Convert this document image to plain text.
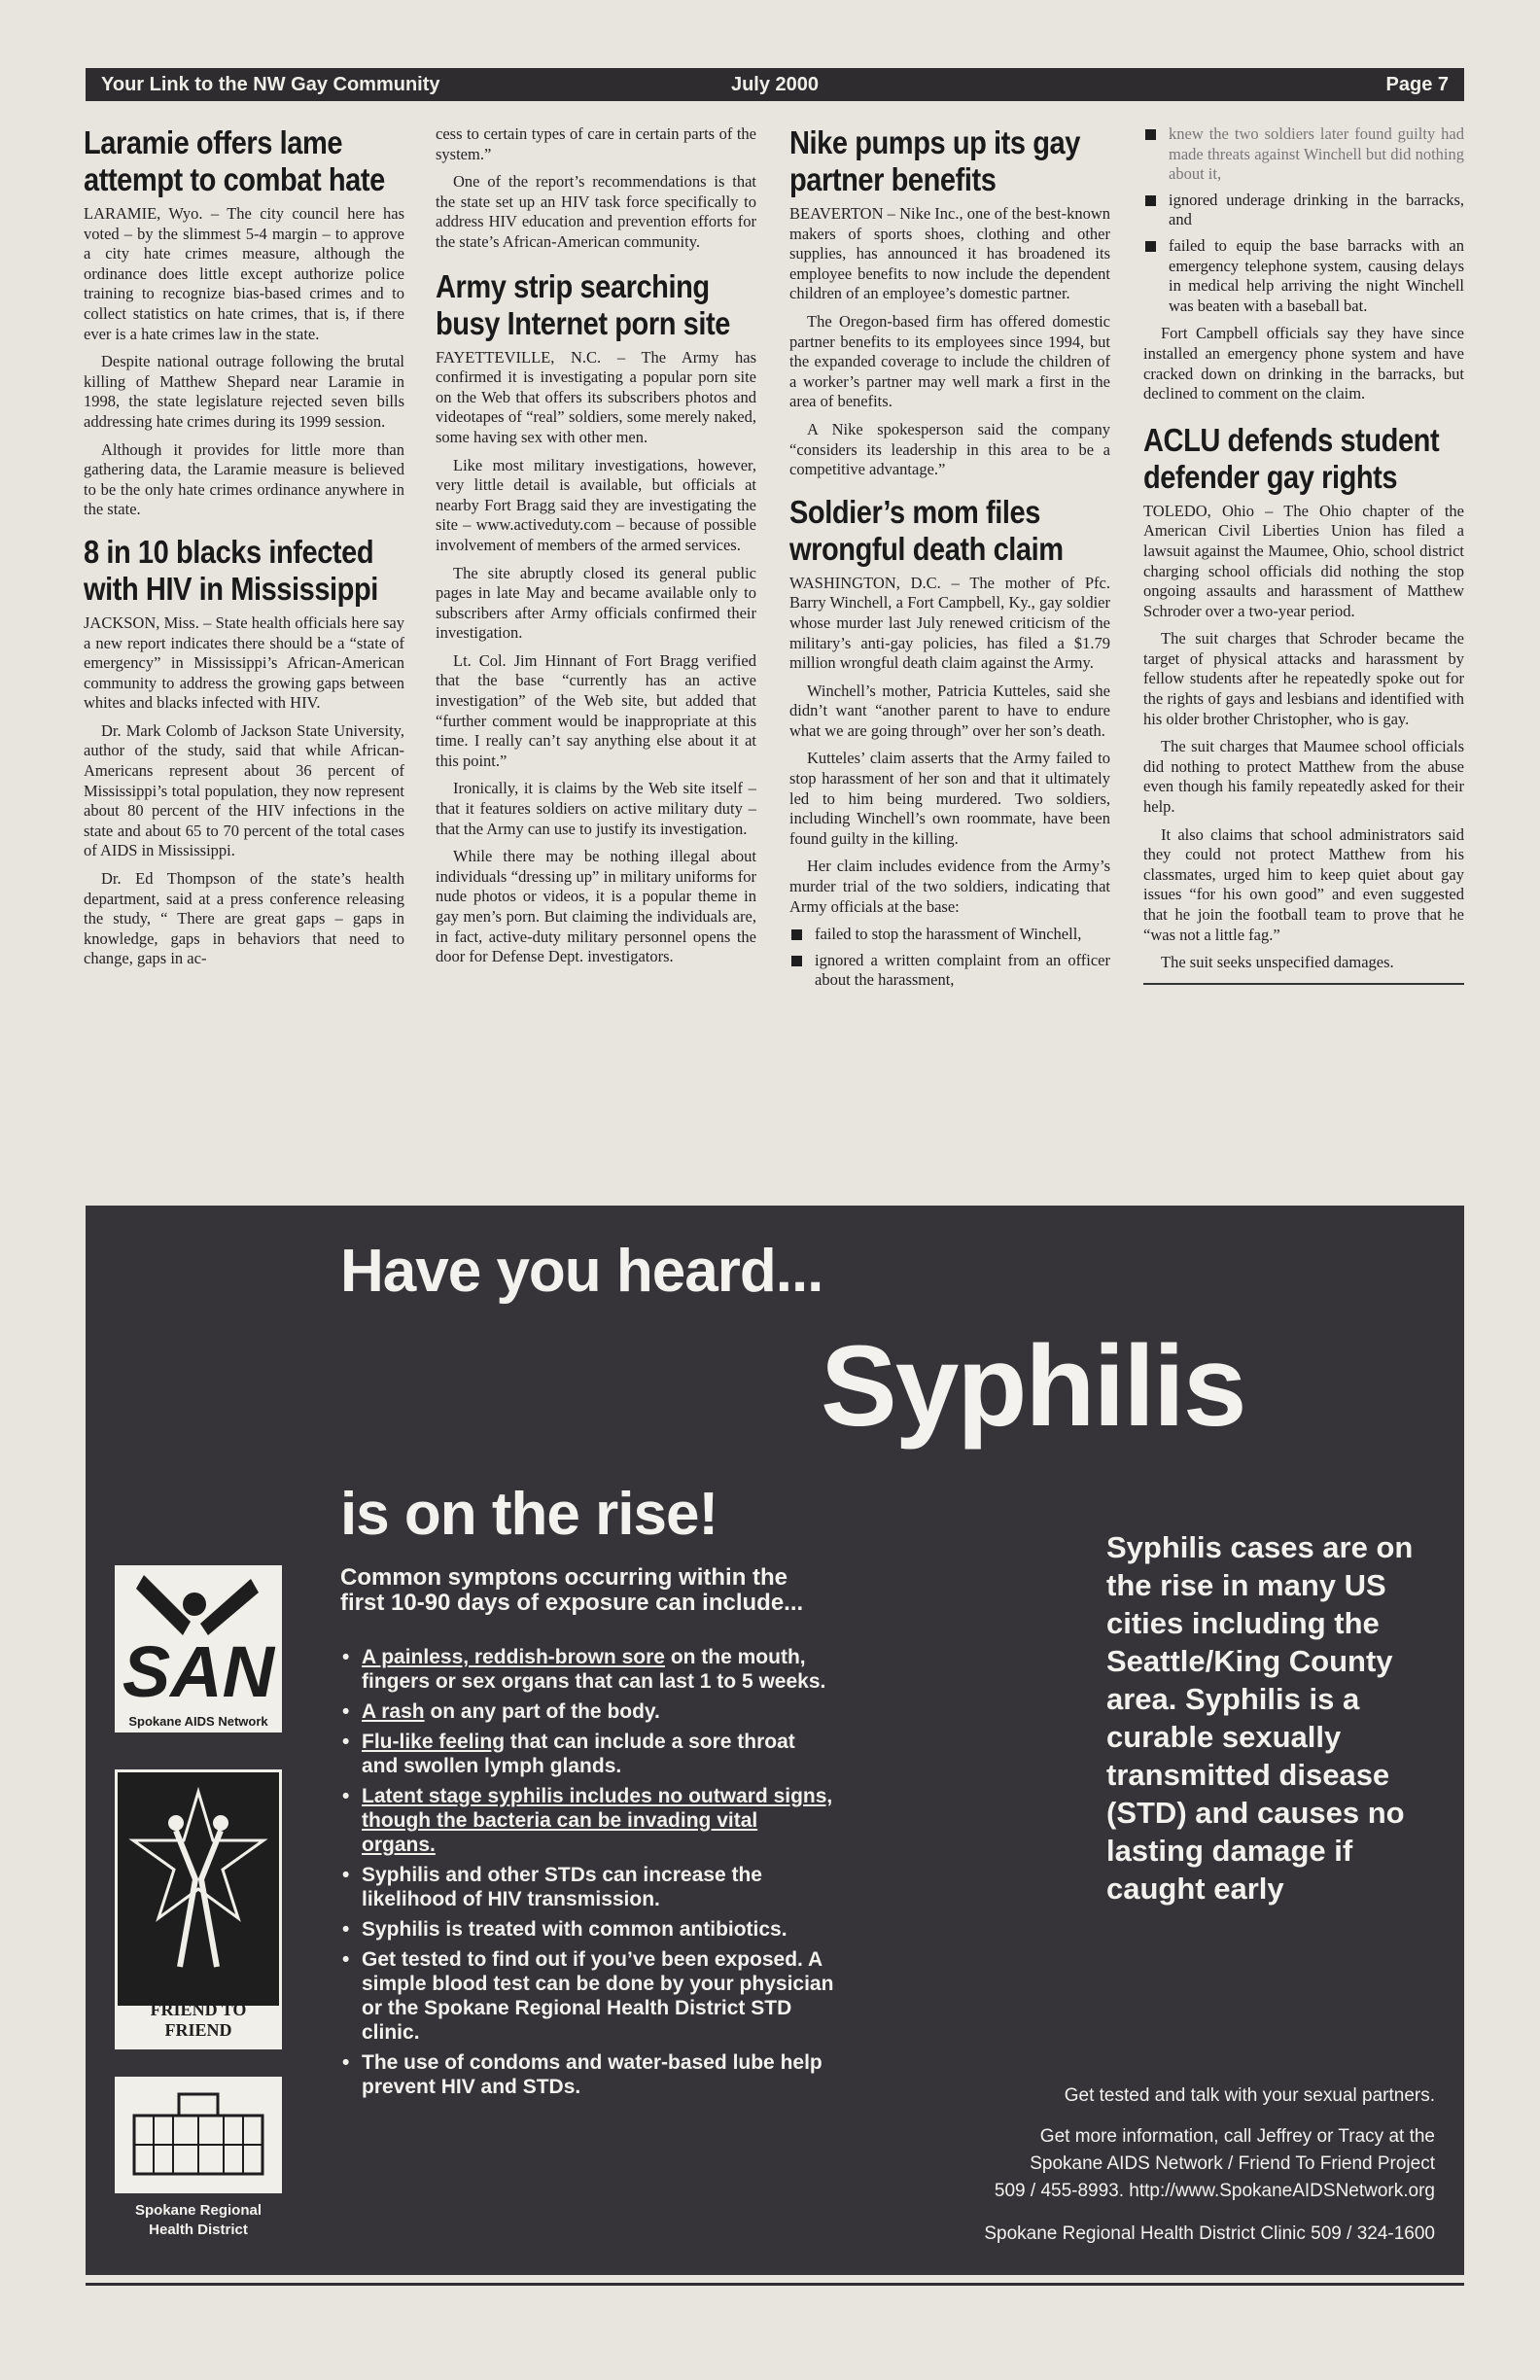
Your Link to the NW Gay Community	July 2000	Page 7
Laramie offers lame attempt to combat hate

LARAMIE, Wyo. – The city council here has voted – by the slimmest 5-4 margin – to approve a city hate crimes measure, although the ordinance does little except authorize police training to recognize bias-based crimes and to collect statistics on hate crimes, that is, if there ever is a hate crimes law in the state.

Despite national outrage following the brutal killing of Matthew Shepard near Laramie in 1998, the state legislature rejected seven bills addressing hate crimes during its 1999 session.

Although it provides for little more than gathering data, the Laramie measure is believed to be the only hate crimes ordinance anywhere in the state.

8 in 10 blacks infected with HIV in Mississippi

JACKSON, Miss. – State health officials here say a new report indicates there should be a “state of emergency” in Mississippi’s African-American community to address the growing gaps between whites and blacks infected with HIV.

Dr. Mark Colomb of Jackson State University, author of the study, said that while African-Americans represent about 36 percent of Mississippi’s total population, they now represent about 80 percent of the HIV infections in the state and about 65 to 70 percent of the total cases of AIDS in Mississippi.

Dr. Ed Thompson of the state’s health department, said at a press conference releasing the study, “ There are great gaps – gaps in knowledge, gaps in behaviors that need to change, gaps in ac-

cess to certain types of care in certain parts of the system.”

One of the report’s recommendations is that the state set up an HIV task force specifically to address HIV education and prevention efforts for the state’s African-American community.

Army strip searching busy Internet porn site

FAYETTEVILLE, N.C. – The Army has confirmed it is investigating a popular porn site on the Web that offers its subscribers photos and videotapes of “real” soldiers, some merely naked, some having sex with other men.

Like most military investigations, however, very little detail is available, but officials at nearby Fort Bragg said they are investigating the site – www.activeduty.com – because of possible involvement of members of the armed services.

The site abruptly closed its general public pages in late May and became available only to subscribers after Army officials confirmed their investigation.

Lt. Col. Jim Hinnant of Fort Bragg verified that the base “currently has an active investigation” of the Web site, but added that “further comment would be inappropriate at this time. I really can’t say anything else about it at this point.”

Ironically, it is claims by the Web site itself – that it features soldiers on active military duty – that the Army can use to justify its investigation.

While there may be nothing illegal about individuals “dressing up” in military uniforms for nude photos or videos, it is a popular theme in gay men’s porn. But claiming the individuals are, in fact, active-duty military personnel opens the door for Defense Dept. investigators.

Nike pumps up its gay partner benefits

BEAVERTON – Nike Inc., one of the best-known makers of sports shoes, clothing and other supplies, has announced it has broadened its employee benefits to now include the dependent children of an employee’s domestic partner.

The Oregon-based firm has offered domestic partner benefits to its employees since 1994, but the expanded coverage to include the children of a worker’s partner may well mark a first in the area of benefits.

A Nike spokesperson said the company “considers its leadership in this area to be a competitive advantage.”

Soldier’s mom files wrongful death claim

WASHINGTON, D.C. – The mother of Pfc. Barry Winchell, a Fort Campbell, Ky., gay soldier whose murder last July renewed criticism of the military’s anti-gay policies, has filed a $1.79 million wrongful death claim against the Army.

Winchell’s mother, Patricia Kutteles, said she didn’t want “another parent to have to endure what we are going through” over her son’s death.

Kutteles’ claim asserts that the Army failed to stop harassment of her son and that it ultimately led to him being murdered. Two soldiers, including Winchell’s own roommate, have been found guilty in the killing.

Her claim includes evidence from the Army’s murder trial of the two soldiers, indicating that Army officials at the base:

failed to stop the harassment of Winchell,
ignored a written complaint from an officer about the harassment,
knew the two soldiers later found guilty had made threats against Winchell but did nothing about it,
ignored underage drinking in the barracks, and
failed to equip the base barracks with an emergency telephone system, causing delays in medical help arriving the night Winchell was beaten with a baseball bat.

Fort Campbell officials say they have since installed an emergency phone system and have cracked down on drinking in the barracks, but declined to comment on the claim.

ACLU defends student defender gay rights

TOLEDO, Ohio – The Ohio chapter of the American Civil Liberties Union has filed a lawsuit against the Maumee, Ohio, school district charging school officials did nothing the stop ongoing assaults and harassment of Matthew Schroder over a two-year period.

The suit charges that Schroder became the target of physical attacks and harassment by fellow students after he repeatedly spoke out for the rights of gays and lesbians and identified with his older brother Christopher, who is gay.

The suit charges that Maumee school officials did nothing to protect Matthew from the abuse even though his family repeatedly asked for their help.

It also claims that school administrators said they could not protect Matthew from his classmates, urged him to keep quiet about gay issues “for his own good” and even suggested that he join the football team to prove that he “was not a little fag.”

The suit seeks unspecified damages.

Have you heard...
Syphilis
is on the rise!
SAN
Spokane AIDS Network
FRIEND TO FRIEND
Spokane Regional Health District
Common symptons occurring within the first 10-90 days of exposure can include...
• A painless, reddish-brown sore on the mouth, fingers or sex organs that can last 1 to 5 weeks.
• A rash on any part of the body.
• Flu-like feeling that can include a sore throat and swollen lymph glands.
• Latent stage syphilis includes no outward signs, though the bacteria can be invading vital organs.
• Syphilis and other STDs can increase the likelihood of HIV transmission.
• Syphilis is treated with common antibiotics.
• Get tested to find out if you’ve been exposed. A simple blood test can be done by your physician or the Spokane Regional Health District STD clinic.
• The use of condoms and water-based lube help prevent HIV and STDs.
Syphilis cases are on the rise in many US cities including the Seattle/King County area. Syphilis is a curable sexually transmitted disease (STD) and causes no lasting damage if caught early
Get tested and talk with your sexual partners.
Get more information, call Jeffrey or Tracy at the
Spokane AIDS Network / Friend To Friend Project
509 / 455-8993. http://www.SpokaneAIDSNetwork.org
Spokane Regional Health District Clinic 509 / 324-1600
